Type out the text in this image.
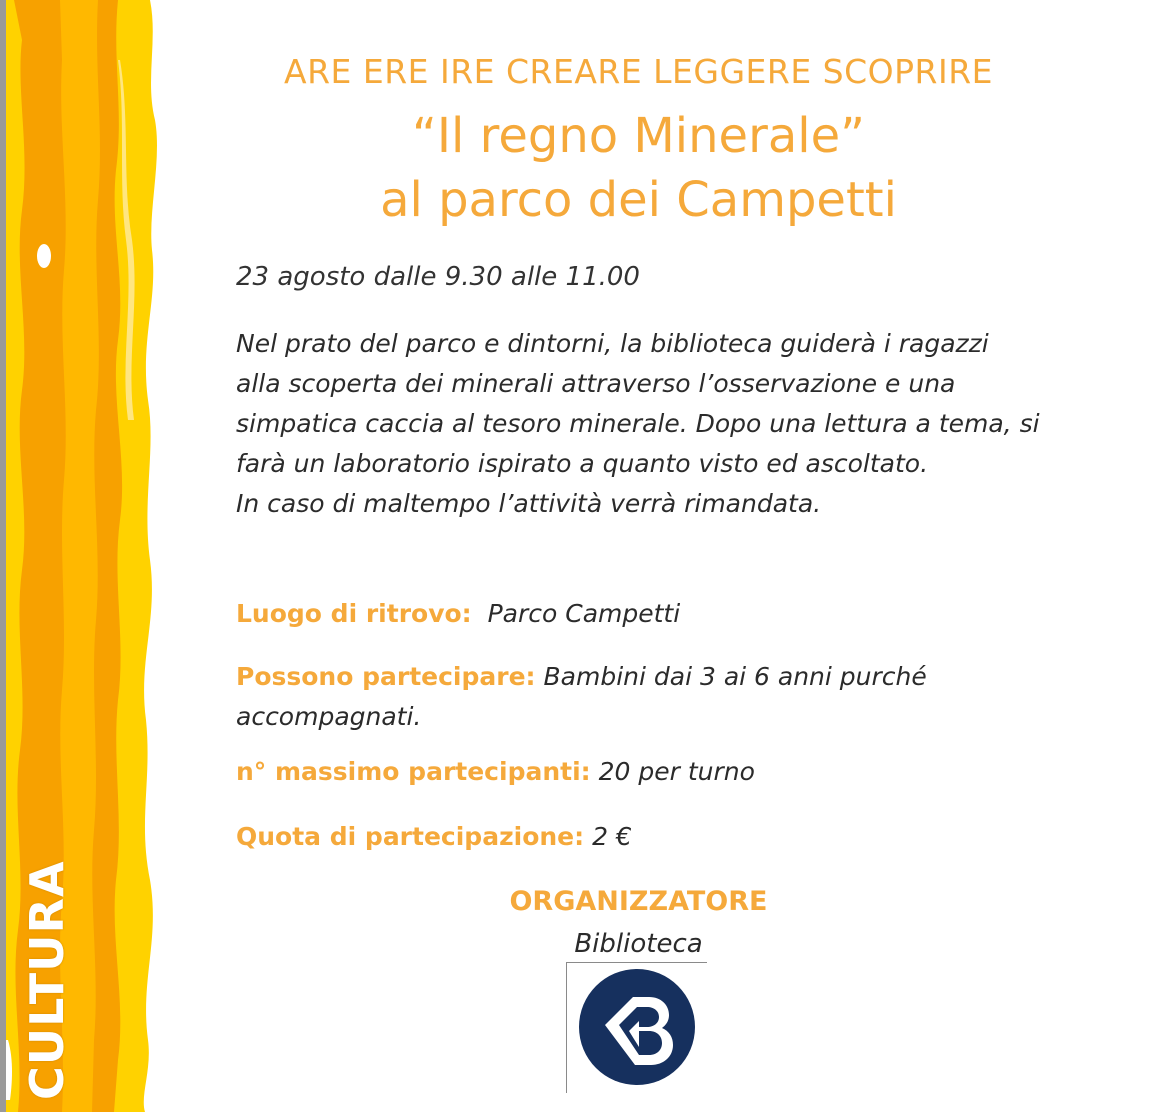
CULTURA
ARE ERE IRE CREARE LEGGERE SCOPRIRE
“Il regno Minerale”
al parco dei Campetti
23 agosto dalle 9.30 alle 11.00

Nel prato del parco e dintorni, la biblioteca guiderà i ragazzi alla scoperta dei minerali attraverso l’osservazione e una simpatica caccia al tesoro minerale. Dopo una lettura a tema, si farà un laboratorio ispirato a quanto visto ed ascoltato.

In caso di maltempo l’attività verrà rimandata.

Luogo di ritrovo: Parco Campetti
Possono partecipare: Bambini dai 3 ai 6 anni purché accompagnati.
n° massimo partecipanti: 20 per turno
Quota di partecipazione: 2 €
ORGANIZZATORE
Biblioteca
